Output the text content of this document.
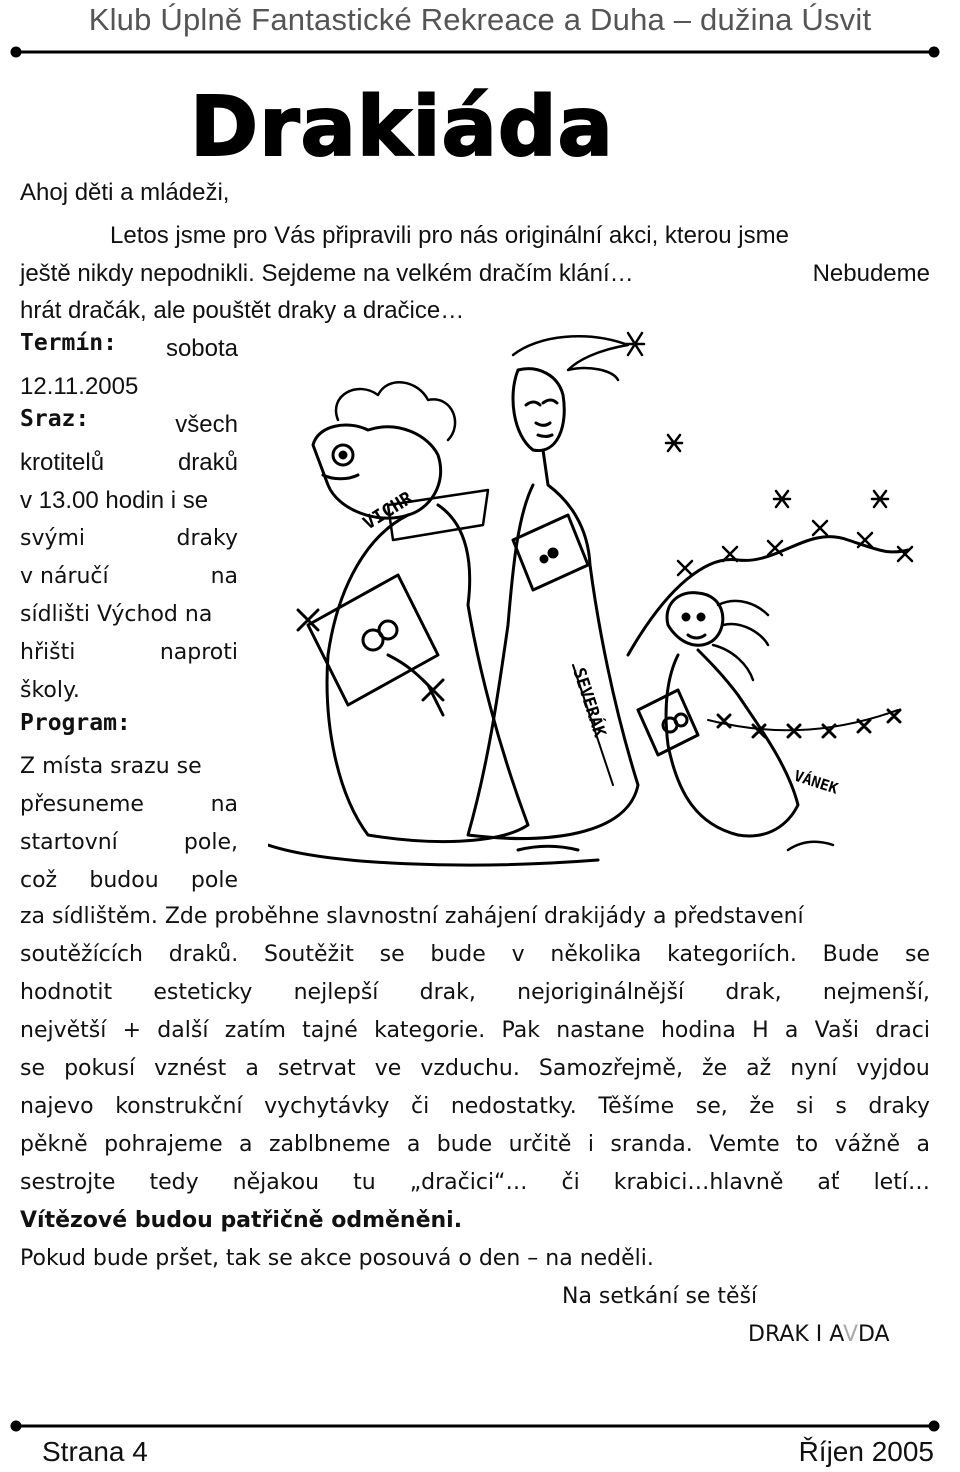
Klub Úplně Fantastické Rekreace a Duha – dužina Úsvit
Drakiáda
Ahoj děti a mládeži,
Letos jsme pro Vás připravili pro nás originální akci, kterou jsme
ještě nikdy nepodnikli. Sejdeme na velkém dračím klání…	Nebudeme
hrát dračák, ale pouštět draky a dračice…
Termín: sobota
12.11.2005
Sraz:	všech
krotitelů	draků
v 13.00 hodin i se
svými	draky
v náručí	na
sídlišti Východ na
hřišti	naproti
školy.
Program:
Z místa srazu se
přesuneme	na
startovní	pole,
což budou pole
VICHR
SEVERÁK
VÁNEK
za sídlištěm. Zde proběhne slavnostní zahájení drakijády a představení
soutěžících draků. Soutěžit se bude v několika kategoriích. Bude se
hodnotit esteticky nejlepší drak, nejoriginálnější drak, nejmenší,
největší + další zatím tajné kategorie. Pak nastane hodina H a Vaši draci
se pokusí vznést a setrvat ve vzduchu. Samozřejmě, že až nyní vyjdou
najevo konstrukční vychytávky či nedostatky. Těšíme se, že si s draky
pěkně pohrajeme a zablbneme a bude určitě i sranda. Vemte to vážně a
sestrojte tedy nějakou tu „dračici“… či krabici…hlavně ať letí…
Vítězové budou patřičně odměněni.
Pokud bude pršet, tak se akce posouvá o den – na neděli.
Na setkání se těší
DRAK I AVDA
Strana 4	Říjen 2005
